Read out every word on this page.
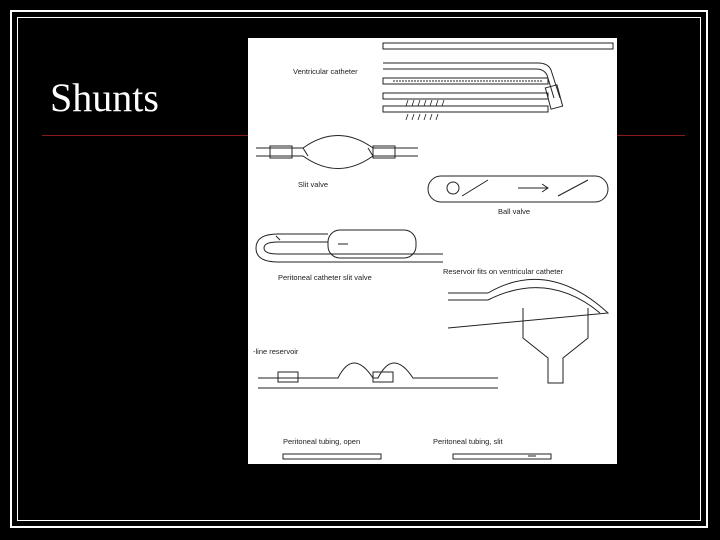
Shunts
Ventricular catheter
Slit valve
Ball valve
Peritoneal catheter slit valve
Reservoir fits on ventricular catheter
-line reservoir
Peritoneal tubing, open	Peritoneal tubing, slit
